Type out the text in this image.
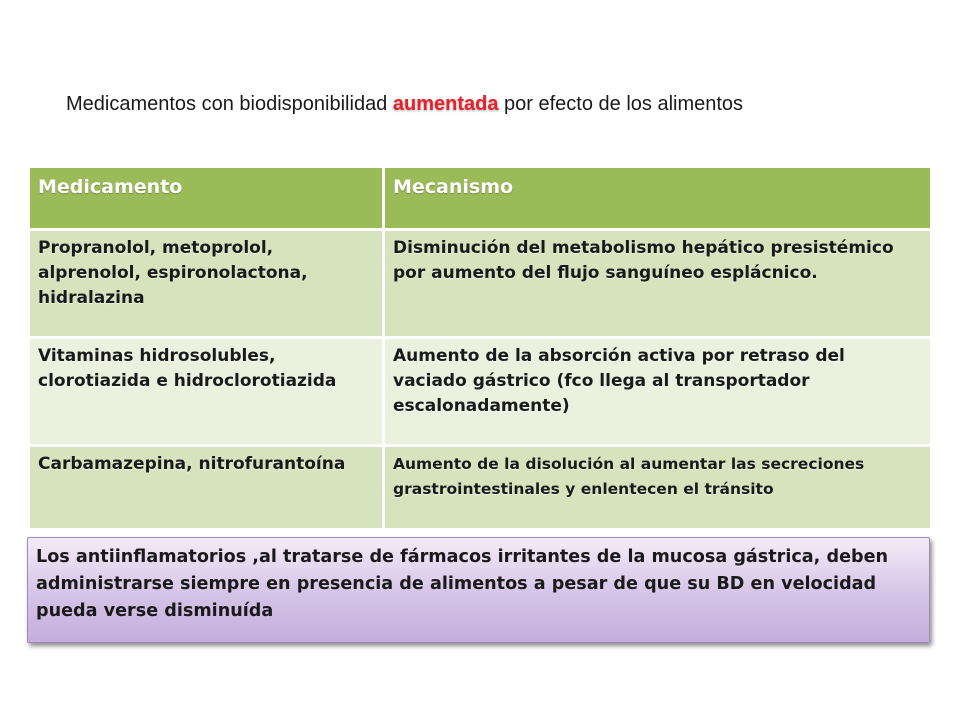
Medicamentos con biodisponibilidad aumentada por efecto de los alimentos
Medicamento	Mecanismo
Propranolol, metoprolol, alprenolol, espironolactona, hidralazina	Disminución del metabolismo hepático presistémico por aumento del flujo sanguíneo esplácnico.
Vitaminas hidrosolubles, clorotiazida e hidroclorotiazida	Aumento de la absorción activa por retraso del vaciado gástrico (fco llega al transportador escalonadamente)
Carbamazepina, nitrofurantoína	Aumento de la disolución al aumentar las secreciones grastrointestinales y enlentecen el tránsito
Los antiinflamatorios ,al tratarse de fármacos irritantes de la mucosa gástrica, deben administrarse siempre en presencia de alimentos a pesar de que su BD en velocidad pueda verse disminuída
